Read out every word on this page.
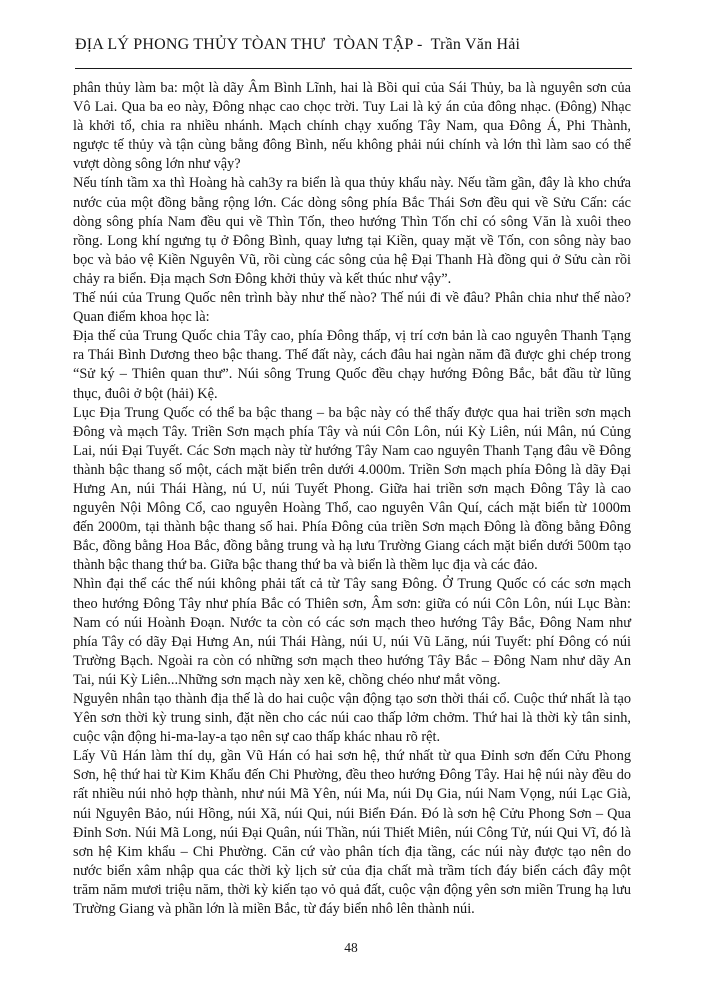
ĐỊA LÝ PHONG THỦY TÒAN THƯ  TÒAN TẬP -  Trần Văn Hải

phân thủy làm ba: một là dãy Âm Bình Lĩnh, hai là Bồi quỉ của Sái Thủy, ba là nguyên sơn của Vô Lai. Qua ba eo này, Đông nhạc cao chọc trời. Tuy Lai là kỷ án của đông nhạc. (Đông) Nhạc là khởi tổ, chia ra nhiều nhánh. Mạch chính chạy xuống Tây Nam, qua Đông Á, Phi Thành, ngược tế thủy và tận cùng bằng đông Bình, nếu không phải núi chính và lớn thì làm sao có thể vượt dòng sông lớn như vậy?

Nếu tính tầm xa thì Hoàng hà cah3y ra biển là qua thủy khẩu này. Nếu tầm gần, đây là kho chứa nước của một đồng bằng rộng lớn. Các dòng sông phía Bắc Thái Sơn đều qui về Sửu Cấn: các dòng sông phía Nam đều qui về Thìn Tốn, theo hướng Thìn Tốn chỉ có sông Văn là xuôi theo rồng. Long khí ngưng tụ ở Đông Bình, quay lưng tại Kiền, quay mặt về Tốn, con sông này bao bọc và bảo vệ Kiền Nguyên Vũ, rồi cùng các sông của hệ Đại Thanh Hà đồng qui ở Sửu càn rồi chảy ra biển. Địa mạch Sơn Đông khởi thủy và kết thúc như vậy”.

Thế núi của Trung Quốc nên trình bày như thế nào? Thế núi đi về đâu? Phân chia như thế nào? Quan điểm khoa học là:

Địa thế của Trung Quốc chia Tây cao, phía Đông thấp, vị trí cơn bản là cao nguyên Thanh Tạng ra Thái Bình Dương theo bậc thang. Thế đất này, cách đâu hai ngàn năm đã được ghi chép trong “Sử ký – Thiên quan thư”. Núi sông Trung Quốc đều chạy hướng Đông Bắc, bắt đầu từ lũng thục, đuôi ở bột (hải) Kệ.

Lục Địa Trung Quốc có thể ba bậc thang – ba bậc này có thể thấy được qua hai triền sơn mạch Đông và mạch Tây. Triền Sơn mạch phía Tây và núi Côn Lôn, núi Kỳ Liên, núi Mân, nú Củng Lai, núi Đại Tuyết. Các Sơn mạch này từ hướng Tây Nam cao nguyên Thanh Tạng đâu về Đông thành bậc thang số một, cách mặt biển trên dưới 4.000m. Triền Sơn mạch phía Đông là dãy Đại Hưng An, núi Thái Hàng, nú U, núi Tuyết Phong. Giữa hai triền sơn mạch Đông Tây là cao nguyên Nội Mông Cổ, cao nguyên Hoàng Thổ, cao nguyên Vân Quí, cách mặt biển từ 1000m đến 2000m, tại thành bậc thang số hai. Phía Đông của triền Sơn mạch Đông là đồng bằng Đông Bắc, đồng bằng Hoa Bắc, đồng bằng trung và hạ lưu Trường Giang cách mặt biển dưới 500m tạo thành bậc thang thứ ba. Giữa bậc thang thứ ba và biển là thềm lục địa và các đảo.

Nhìn đại thể các thế núi không phải tất cả từ Tây sang Đông. Ở Trung Quốc có các sơn mạch theo hướng Đông Tây như phía Bắc có Thiên sơn, Âm sơn: giữa có núi Côn Lôn, núi Lục Bàn: Nam có núi Hoành Đoạn. Nước ta còn có các sơn mạch theo hướng Tây Bắc, Đông Nam như phía Tây có dãy Đại Hưng An, núi Thái Hàng, núi U, núi Vũ Lăng, núi Tuyết: phí Đông có núi Trường Bạch. Ngoài ra còn có những sơn mạch theo hướng Tây Bắc – Đông Nam như dãy An Tai, núi Kỳ Liên...Những sơn mạch này xen kẽ, chồng chéo như mắt võng.

Nguyên nhân tạo thành địa thế là do hai cuộc vận động tạo sơn thời thái cổ. Cuộc thứ nhất là tạo Yên sơn thời kỳ trung sinh, đặt nền cho các núi cao thấp lởm chởm. Thứ hai là thời kỳ tân sinh, cuộc vận động hi-ma-lay-a tạo nên sự cao thấp khác nhau rõ rệt.

Lấy Vũ Hán làm thí dụ, gần Vũ Hán có hai sơn hệ, thứ nhất từ qua Đỉnh sơn đến Cửu Phong Sơn, hệ thứ hai từ Kim Khẩu đến Chi Phường, đều theo hướng Đông Tây. Hai hệ núi này đều do rất nhiều núi nhỏ hợp thành, như núi Mã Yên, núi Ma, núi Dụ Gia, núi Nam Vọng, núi Lạc Già, núi Nguyên Bảo, núi Hồng, núi Xã, núi Qui, núi Biển Đán. Đó là sơn hệ Cửu Phong Sơn – Qua Đỉnh Sơn. Núi Mã Long, núi Đại Quân, núi Thần, núi Thiết Miên, núi Công Tử, núi Qui Vĩ, đó là sơn hệ Kim khẩu – Chi Phường. Căn cứ vào phân tích địa tầng, các núi này được tạo nên do nước biển xâm nhập qua các thời kỳ lịch sử của địa chất mà trầm tích đáy biển cách đây một trăm năm mươi triệu năm, thời kỳ kiến tạo vỏ quả đất, cuộc vận động yên sơn miền Trung hạ lưu Trường Giang và phần lớn là miền Bắc, từ đáy biển nhô lên thành núi.

48
